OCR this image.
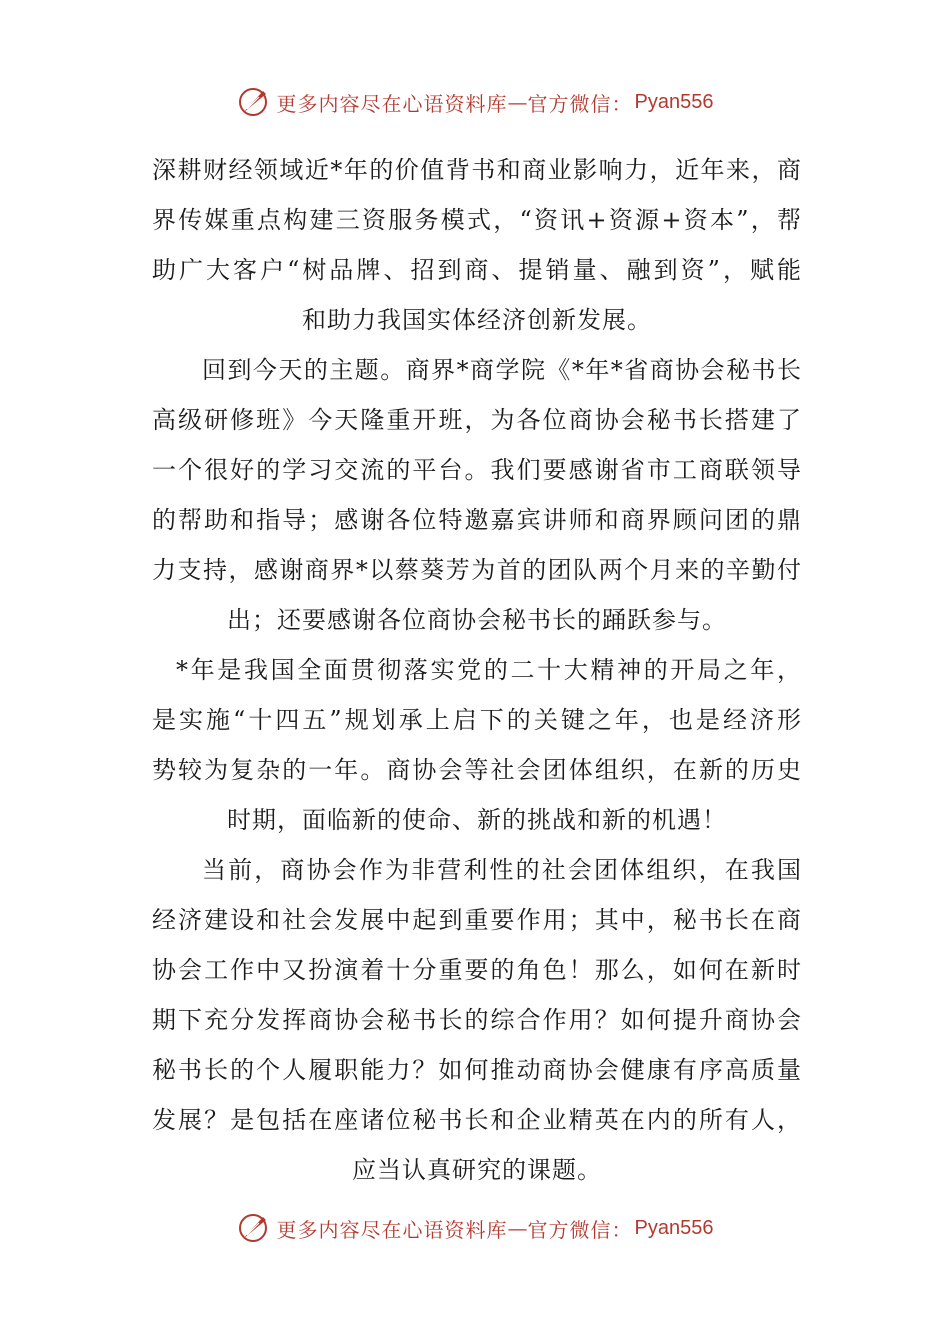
更多内容尽在心语资料库 — 官方微信： Pyan556
深耕财经领域近*年的价值背书和商业影响力，近年来，商
界传媒重点构建三资服务模式，“资讯+资源+资本”，帮
助广大客户“树品牌、招到商、提销量、融到资”，赋能
和助力我国实体经济创新发展。
回到今天的主题。商界*商学院《*年*省商协会秘书长
高级研修班》今天隆重开班，为各位商协会秘书长搭建了
一个很好的学习交流的平台。我们要感谢省市工商联领导
的帮助和指导；感谢各位特邀嘉宾讲师和商界顾问团的鼎
力支持，感谢商界*以蔡葵芳为首的团队两个月来的辛勤付
出；还要感谢各位商协会秘书长的踊跃参与。
*年是我国全面贯彻落实党的二十大精神的开局之年，
是实施“十四五”规划承上启下的关键之年，也是经济形
势较为复杂的一年。商协会等社会团体组织，在新的历史
时期，面临新的使命、新的挑战和新的机遇！
当前，商协会作为非营利性的社会团体组织，在我国
经济建设和社会发展中起到重要作用；其中，秘书长在商
协会工作中又扮演着十分重要的角色！那么，如何在新时
期下充分发挥商协会秘书长的综合作用？如何提升商协会
秘书长的个人履职能力？如何推动商协会健康有序高质量
发展？是包括在座诸位秘书长和企业精英在内的所有人，
应当认真研究的课题。
更多内容尽在心语资料库 — 官方微信： Pyan556
